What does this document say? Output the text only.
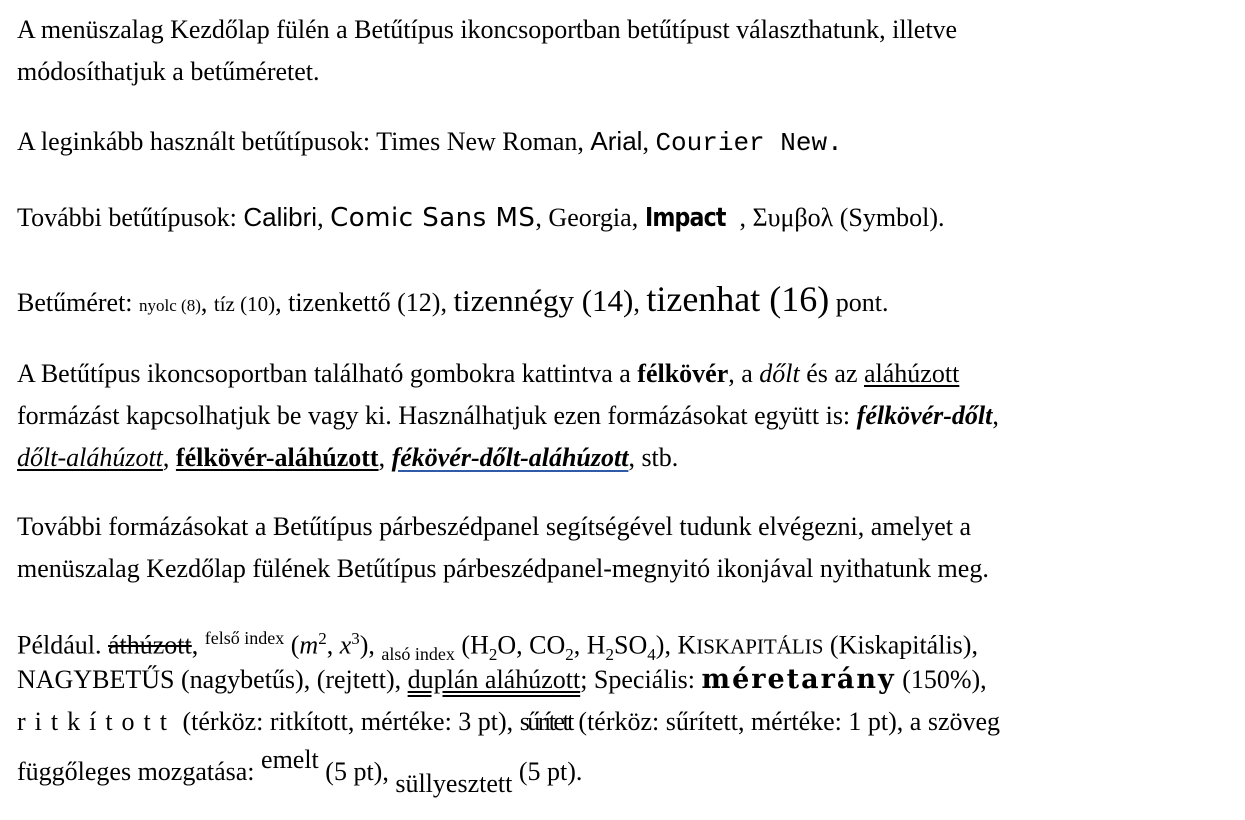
A menüszalag Kezdőlap fülén a Betűtípus ikoncsoportban betűtípust választhatunk, illetve
módosíthatjuk a betűméretet.

A leginkább használt betűtípusok: Times New Roman, Arial, Courier New.

További betűtípusok: Calibri, Comic Sans MS, Georgia, Impact , Συμβολ (Symbol).

Betűméret: nyolc (8), tíz (10), tizenkettő (12), tizennégy (14), tizenhat (16) pont.

A Betűtípus ikoncsoportban található gombokra kattintva a félkövér, a dőlt és az aláhúzott
formázást kapcsolhatjuk be vagy ki. Használhatjuk ezen formázásokat együtt is: félkövér-dőlt,
dőlt-aláhúzott, félkövér-aláhúzott, fékövér-dőlt-aláhúzott, stb.

További formázásokat a Betűtípus párbeszédpanel segítségével tudunk elvégezni, amelyet a
menüszalag Kezdőlap fülének Betűtípus párbeszédpanel-megnyitó ikonjával nyithatunk meg.

Például. áthúzott, $^{felső index}$ ($m^2$, $x^3$), $_{alsó index}$ ($H_2O$, $CO_2$, $H_2SO_4$), KISKAPITÁLIS (Kiskapitális),
NAGYBETŰS (nagybetűs), (rejtett), duplán aláhúzott; Speciális: méretarány (150%),
ritkított (térköz: ritkított, mértéke: 3 pt), sűrített (térköz: sűrített, mértéke: 1 pt), a szöveg
függőleges mozgatása: emelt (5 pt), süllyesztett (5 pt).
